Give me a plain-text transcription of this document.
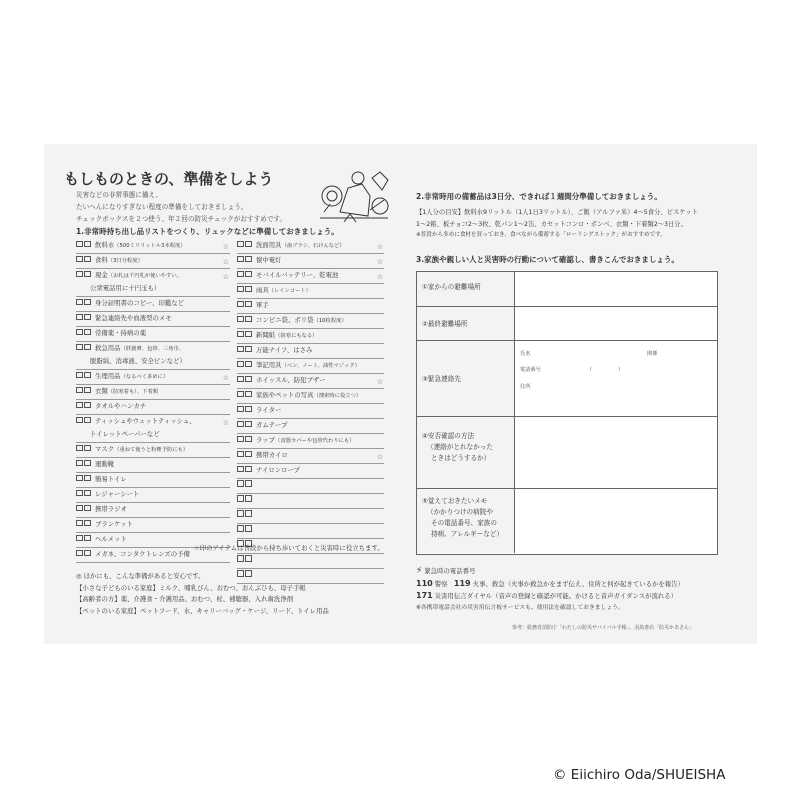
もしものときの、準備をしよう
災害などの非常事態に備え、
たいへんになりすぎない程度の準備をしておきましょう。
チェックボックスを２つ使う、年２回の防災チェックがおすすめです。
1.非常時持ち出し品リストをつくり、リュックなどに準備しておきましょう。
飲料水（500ミリリットル3本程度）	☆
食料（3日分程度）	☆
現金（お札は千円札が使いやすい。
公衆電話用に十円玉も）
☆
身分証明書のコピー、印鑑など
緊急連絡先や血液型のメモ
常備薬・持病の薬
救急用品（絆創膏、包帯、三角巾、
脱脂綿、消毒液、安全ピンなど）
生理用品（なるべく多めに）	☆
衣類（防寒着も）、下着類
タオルやハンカチ
ティッシュやウェットティッシュ、
トイレットペーパーなど
☆
マスク（重ねて使うと粉塵予防にも）
運動靴
簡易トイレ
レジャーシート
携帯ラジオ
ブランケット
ヘルメット
メガネ、コンタクトレンズの予備
洗面用具（歯ブラシ、石けんなど）	☆
懐中電灯	☆
モバイルバッテリー、乾電池	☆
雨具（レインコート）
軍手
コンビニ袋、ポリ袋（10枚程度）
新聞紙（防寒にもなる）
万能ナイフ、はさみ
筆記用具（ペン、ノート、油性マジック）
ホイッスル、防犯ブザー	☆
家族やペットの写真（捜索時に役立つ）
ライター
ガムテープ
ラップ（食器カバーや包帯代わりにも）
携帯カイロ	☆
ナイロンロープ
☆印のアイテムは普段から持ち歩いておくと災害時に役立ちます。
◎ ほかにも、こんな準備があると安心です。
【小さな子どものいる家庭】ミルク、哺乳びん、おむつ、おんぶひも、母子手帳
【高齢者の方】薬、介護食・介護用品、おむつ、杖、補聴器、入れ歯洗浄剤
【ペットのいる家庭】ペットフード、水、キャリーバッグ・ケージ、リード、トイレ用品
2.非常時用の備蓄品は3日分、できれば１週間分準備しておきましょう。
【1人分の目安】飲料水9リットル（1人1日3リットル）、ご飯（アルファ米）4〜5食分、ビスケット
1〜2箱、板チョコ2〜3枚、乾パン1〜2缶、カセットコンロ・ボンベ、衣類・下着類2〜3日分。
※普段から多めに食材を買っておき、食べながら備蓄する「ローリングストック」がおすすめです。
3.家族や親しい人と災害時の行動について確認し、書きこんでおきましょう。
①家からの避難場所
②最終避難場所
③緊急連絡先
氏名	関係
電話番号	（　　　　　）
住所
④安否確認の方法
（連絡がとれなかった
ときはどうするか）
⑤覚えておきたいメモ
（かかりつけの病院や
その電話番号、家族の
持病、アレルギーなど）
⚡ 緊急時の電話番号
110 警察　 119 火事、救急（火事か救急かをまず伝え、住所と何が起きているかを報告）
171 災害用伝言ダイヤル（音声の登録と確認が可能。かけると音声ガイダンスが流れる）
※各携帯電話会社の災害用伝言板サービスも、使用法を確認しておきましょう。
参考：総務省消防庁「わたしの防災サバイバル手帳」、羽鳥書店「防災かあさん」
© Eiichiro Oda/SHUEISHA
